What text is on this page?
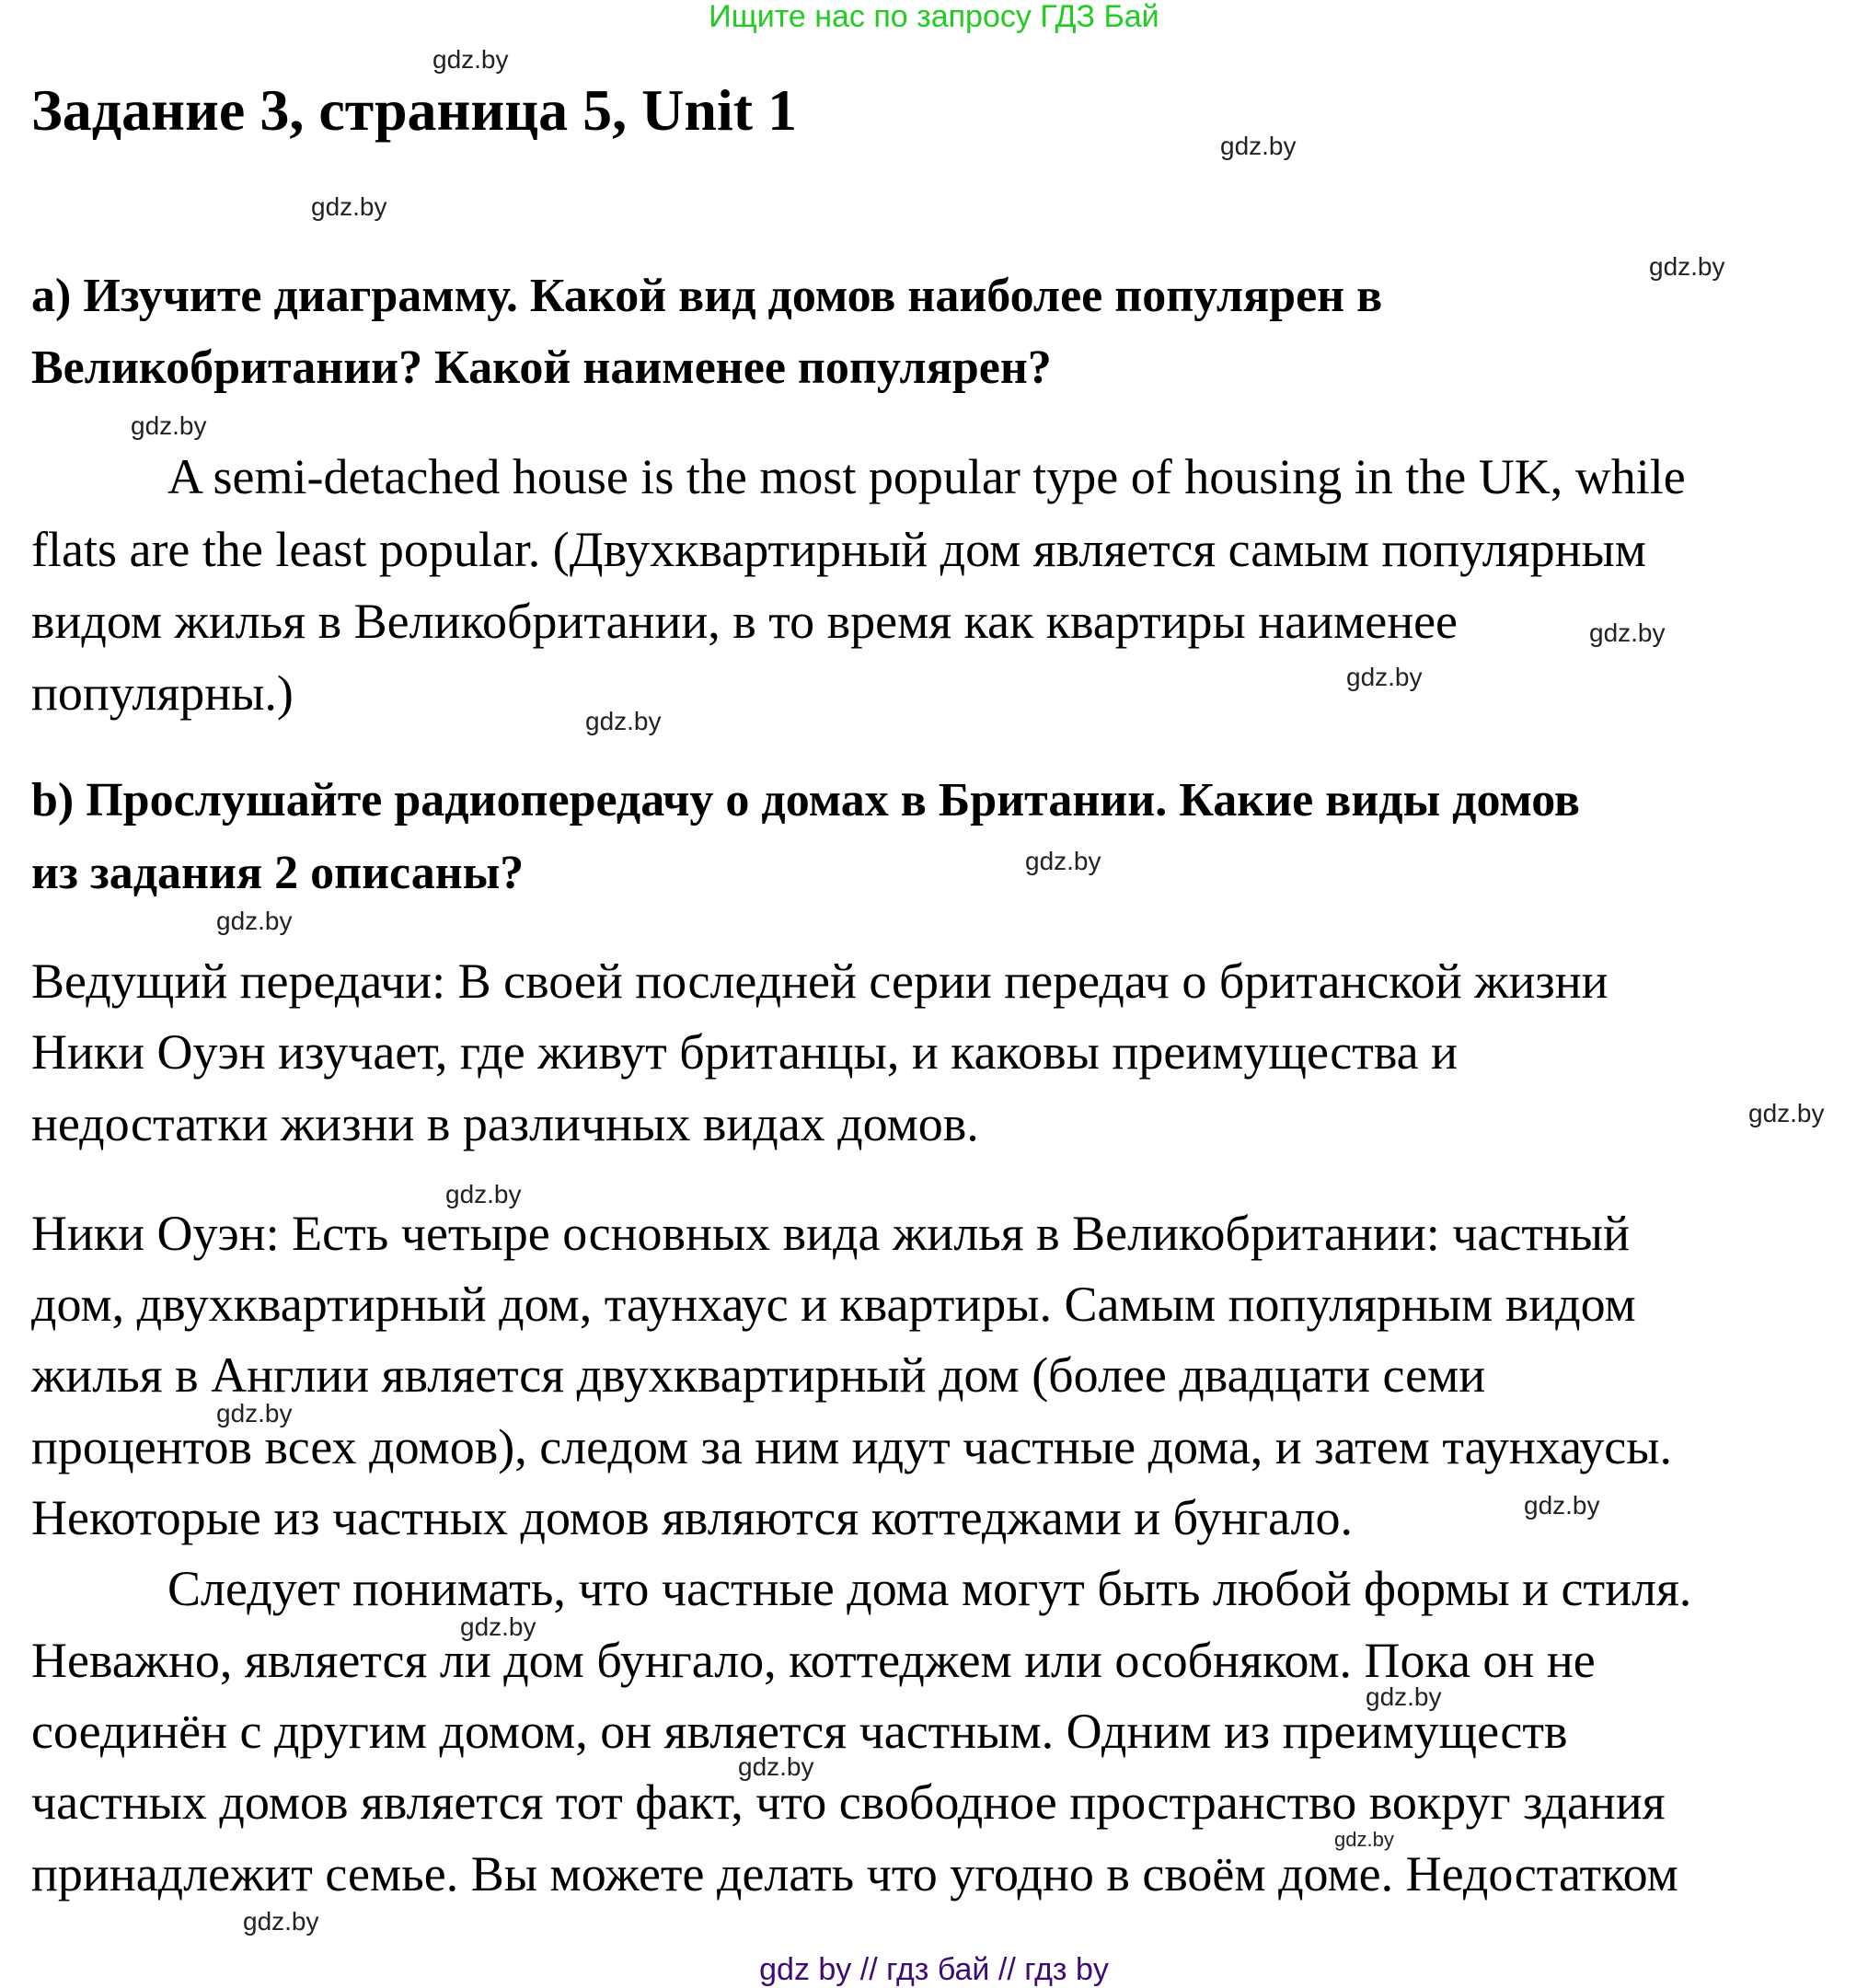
Ищите нас по запросу ГДЗ Бай
Задание 3, страница 5, Unit 1
a) Изучите диаграмму. Какой вид домов наиболее популярен в
Великобритании? Какой наименее популярен?
A semi-detached house is the most popular type of housing in the UK, while
flats are the least popular. (Двухквартирный дом является самым популярным
видом жилья в Великобритании, в то время как квартиры наименее
популярны.)
b) Прослушайте радиопередачу о домах в Британии. Какие виды домов
из задания 2 описаны?
Ведущий передачи: В своей последней серии передач о британской жизни
Ники Оуэн изучает, где живут британцы, и каковы преимущества и
недостатки жизни в различных видах домов.
Ники Оуэн: Есть четыре основных вида жилья в Великобритании: частный
дом, двухквартирный дом, таунхаус и квартиры. Самым популярным видом
жилья в Англии является двухквартирный дом (более двадцати семи
процентов всех домов), следом за ним идут частные дома, и затем таунхаусы.
Некоторые из частных домов являются коттеджами и бунгало.
Следует понимать, что частные дома могут быть любой формы и стиля.
Неважно, является ли дом бунгало, коттеджем или особняком. Пока он не
соединён с другим домом, он является частным. Одним из преимуществ
частных домов является тот факт, что свободное пространство вокруг здания
принадлежит семье. Вы можете делать что угодно в своём доме. Недостатком
gdz.by
gdz.by
gdz.by
gdz.by
gdz.by
gdz.by
gdz.by
gdz.by
gdz.by
gdz.by
gdz.by
gdz.by
gdz.by
gdz.by
gdz.by
gdz.by
gdz.by
gdz.by
gdz.by
gdz by // гдз бай // гдз by
